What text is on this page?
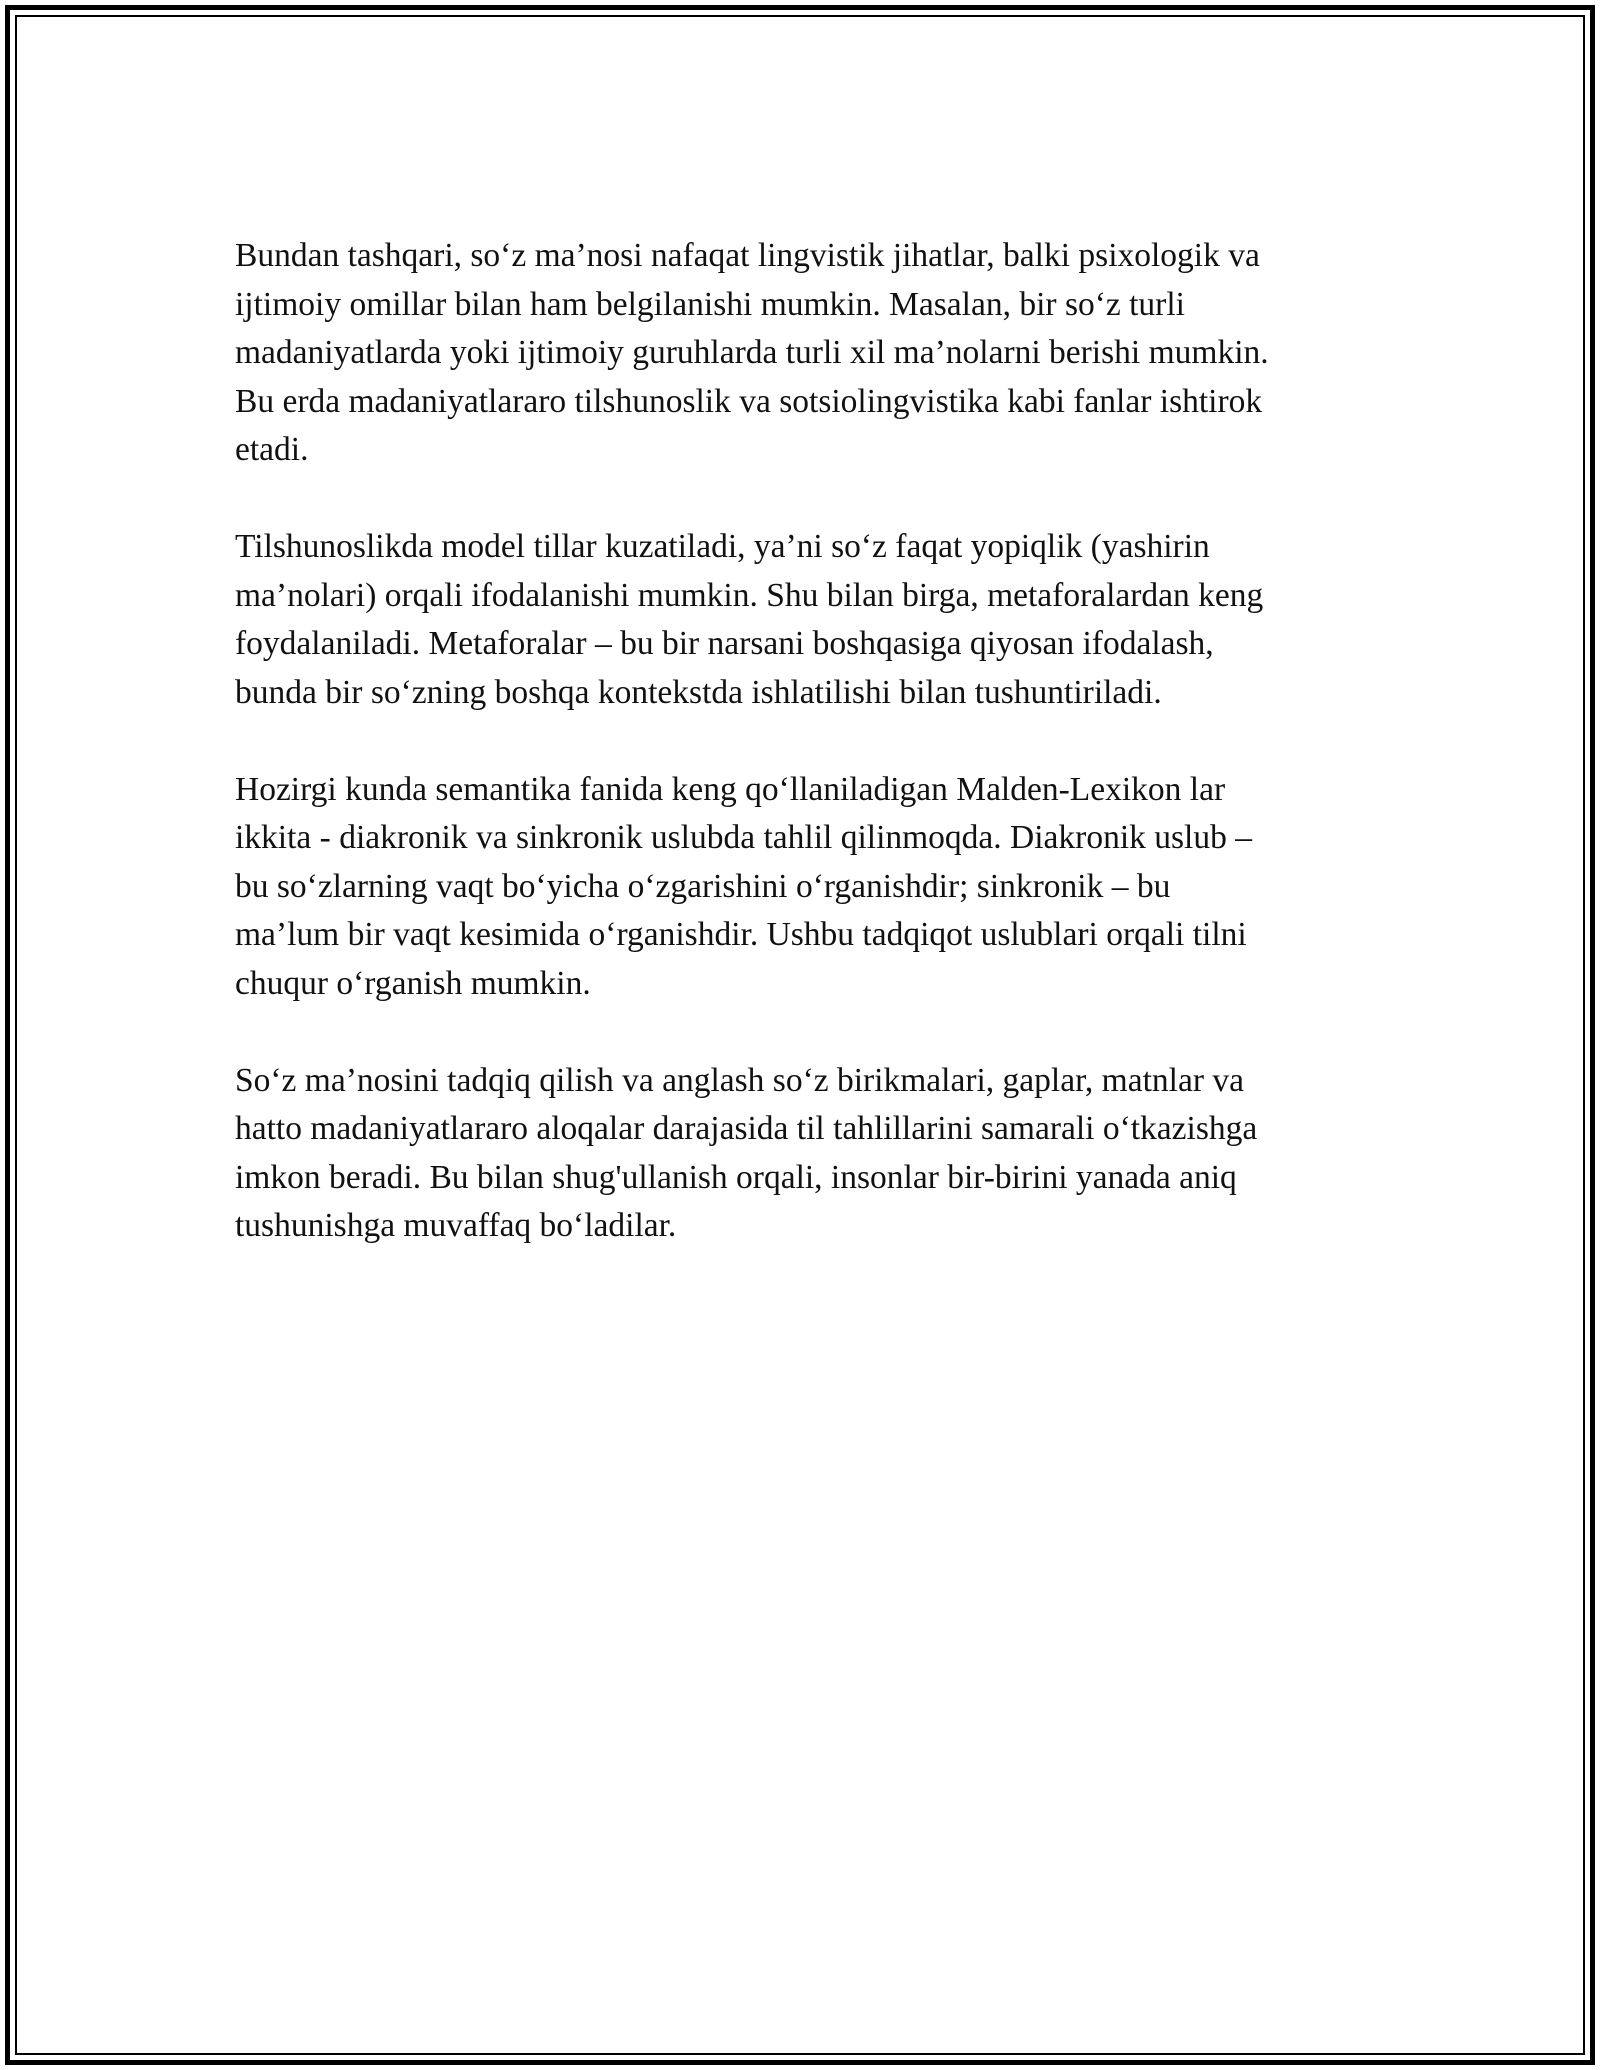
Bundan tashqari, so‘z ma’nosi nafaqat lingvistik jihatlar, balki psixologik va
ijtimoiy omillar bilan ham belgilanishi mumkin. Masalan, bir so‘z turli
madaniyatlarda yoki ijtimoiy guruhlarda turli xil ma’nolarni berishi mumkin.
Bu erda madaniyatlararo tilshunoslik va sotsiolingvistika kabi fanlar ishtirok
etadi.

Tilshunoslikda model tillar kuzatiladi, ya’ni so‘z faqat yopiqlik (yashirin
ma’nolari) orqali ifodalanishi mumkin. Shu bilan birga, metaforalardan keng
foydalaniladi. Metaforalar – bu bir narsani boshqasiga qiyosan ifodalash,
bunda bir so‘zning boshqa kontekstda ishlatilishi bilan tushuntiriladi.

Hozirgi kunda semantika fanida keng qo‘llaniladigan Malden-Lexikon lar
ikkita - diakronik va sinkronik uslubda tahlil qilinmoqda. Diakronik uslub –
bu so‘zlarning vaqt bo‘yicha o‘zgarishini o‘rganishdir; sinkronik – bu
ma’lum bir vaqt kesimida o‘rganishdir. Ushbu tadqiqot uslublari orqali tilni
chuqur o‘rganish mumkin.

So‘z ma’nosini tadqiq qilish va anglash so‘z birikmalari, gaplar, matnlar va
hatto madaniyatlararo aloqalar darajasida til tahlillarini samarali o‘tkazishga
imkon beradi. Bu bilan shug'ullanish orqali, insonlar bir-birini yanada aniq
tushunishga muvaffaq bo‘ladilar.
